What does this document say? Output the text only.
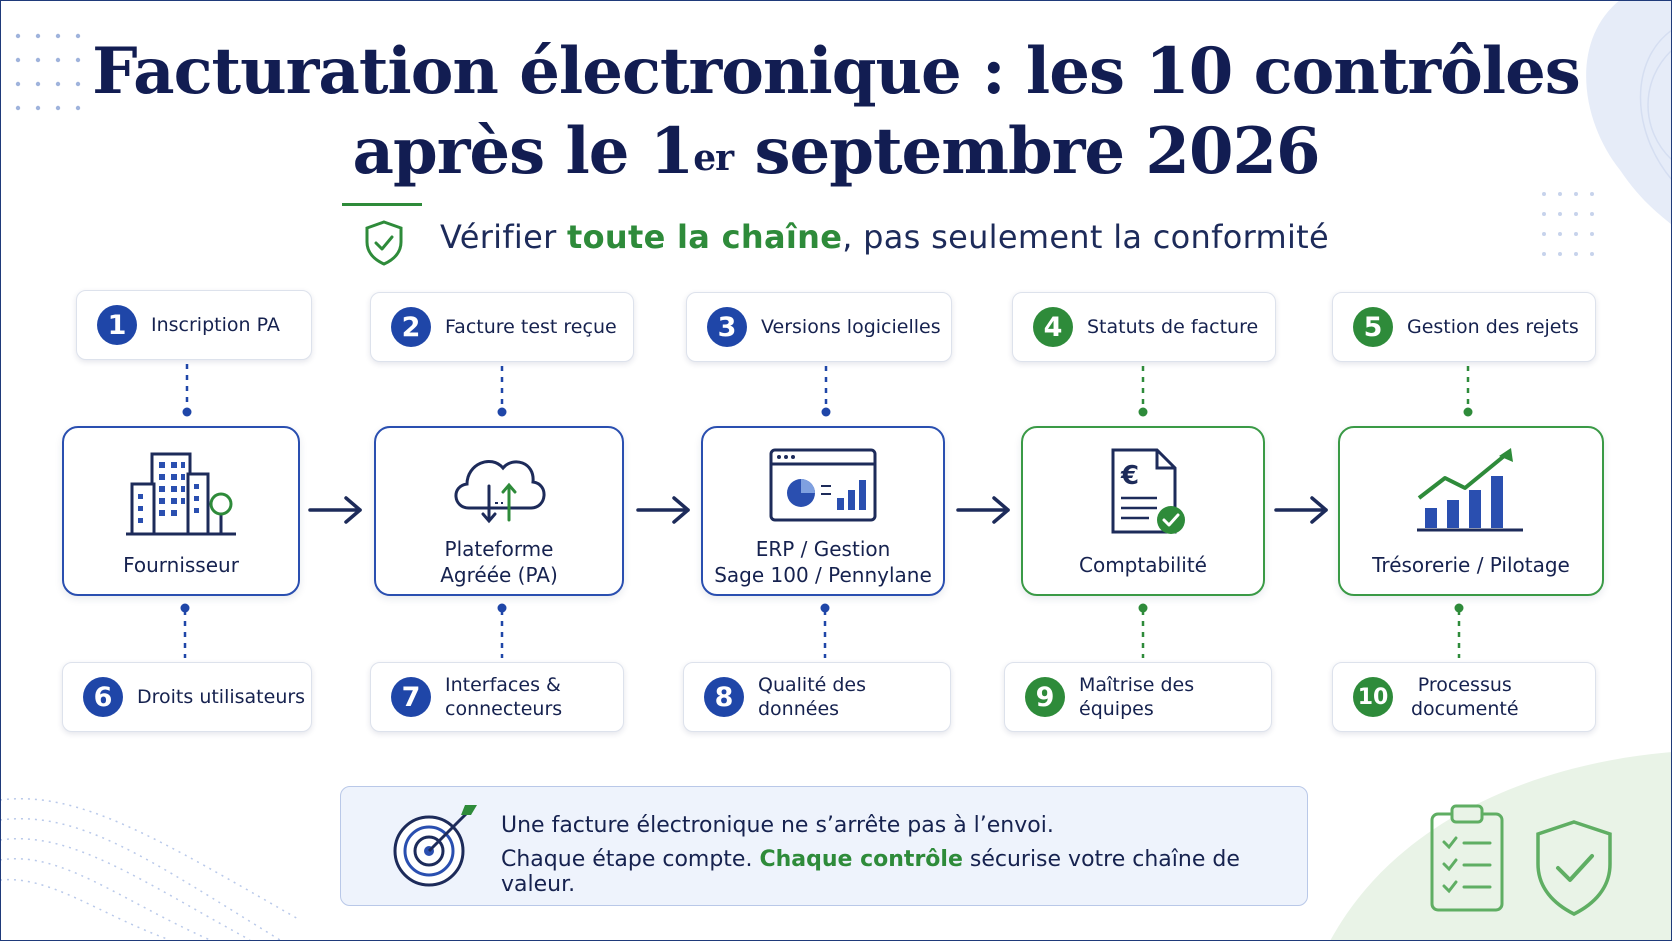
Facturation électronique : les 10 contrôles
après le 1er septembre 2026
Vérifier toute la chaîne, pas seulement la conformité
1	Inscription PA	2	Facture test reçue	3	Versions logicielles	4	Statuts de facture	5	Gestion des rejets
Fournisseur
Plateforme
Agréée (PA)
ERP / Gestion
Sage 100 / Pennylane
€
Comptabilité	Trésorerie / Pilotage
6	Droits utilisateurs	7	Interfaces &
connecteurs	8	Qualité des données	9	Maîtrise des équipes	10	Processus
documenté
Une facture électronique ne s’arrête pas à l’envoi.
Chaque étape compte. Chaque contrôle sécurise votre chaîne de valeur.
